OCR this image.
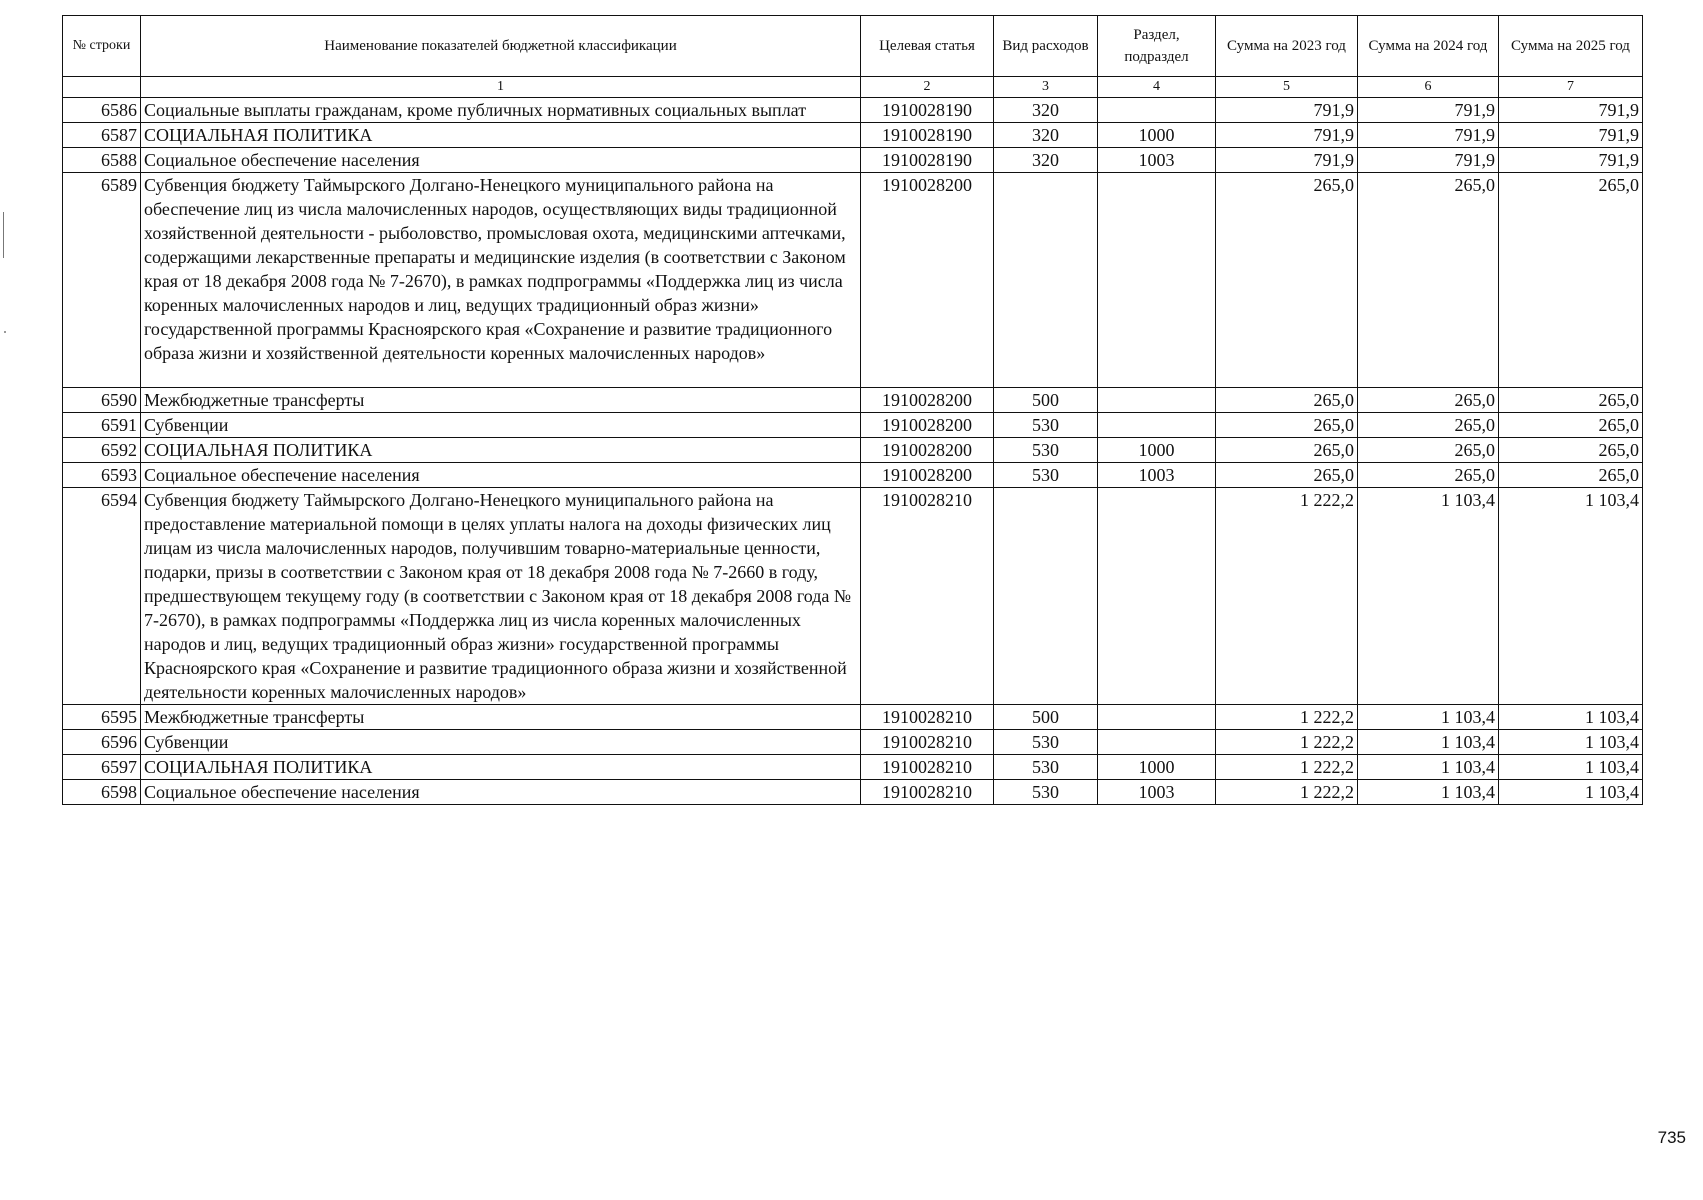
№ строки	Наименование показателей бюджетной классификации	Целевая статья	Вид расходов	Раздел, подраздел	Сумма на 2023 год	Сумма на 2024 год	Сумма на 2025 год
	1	2	3	4	5	6	7
6586	Социальные выплаты гражданам, кроме публичных нормативных социальных выплат	1910028190	320		791,9	791,9	791,9
6587	СОЦИАЛЬНАЯ ПОЛИТИКА	1910028190	320	1000	791,9	791,9	791,9
6588	Социальное обеспечение населения	1910028190	320	1003	791,9	791,9	791,9
6589	Субвенция бюджету Таймырского Долгано-Ненецкого муниципального района на обеспечение лиц из числа малочисленных народов, осуществляющих виды традиционной хозяйственной деятельности - рыболовство, промысловая охота, медицинскими аптечками, содержащими лекарственные препараты и медицинские изделия (в соответствии с Законом края от 18 декабря 2008 года № 7-2670), в рамках подпрограммы «Поддержка лиц из числа коренных малочисленных народов и лиц, ведущих традиционный образ жизни» государственной программы Красноярского края «Сохранение и развитие традиционного образа жизни и хозяйственной деятельности коренных малочисленных народов»	1910028200			265,0	265,0	265,0
6590	Межбюджетные трансферты	1910028200	500		265,0	265,0	265,0
6591	Субвенции	1910028200	530		265,0	265,0	265,0
6592	СОЦИАЛЬНАЯ ПОЛИТИКА	1910028200	530	1000	265,0	265,0	265,0
6593	Социальное обеспечение населения	1910028200	530	1003	265,0	265,0	265,0
6594	Субвенция бюджету Таймырского Долгано-Ненецкого муниципального района на предоставление материальной помощи в целях уплаты налога на доходы физических лиц лицам из числа малочисленных народов, получившим товарно-материальные ценности, подарки, призы в соответствии с Законом края от 18 декабря 2008 года № 7-2660 в году, предшествующем текущему году (в соответствии с Законом края от 18 декабря 2008 года № 7-2670), в рамках подпрограммы «Поддержка лиц из числа коренных малочисленных народов и лиц, ведущих традиционный образ жизни» государственной программы Красноярского края «Сохранение и развитие традиционного образа жизни и хозяйственной деятельности коренных малочисленных народов»	1910028210			1 222,2	1 103,4	1 103,4
6595	Межбюджетные трансферты	1910028210	500		1 222,2	1 103,4	1 103,4
6596	Субвенции	1910028210	530		1 222,2	1 103,4	1 103,4
6597	СОЦИАЛЬНАЯ ПОЛИТИКА	1910028210	530	1000	1 222,2	1 103,4	1 103,4
6598	Социальное обеспечение населения	1910028210	530	1003	1 222,2	1 103,4	1 103,4
735
